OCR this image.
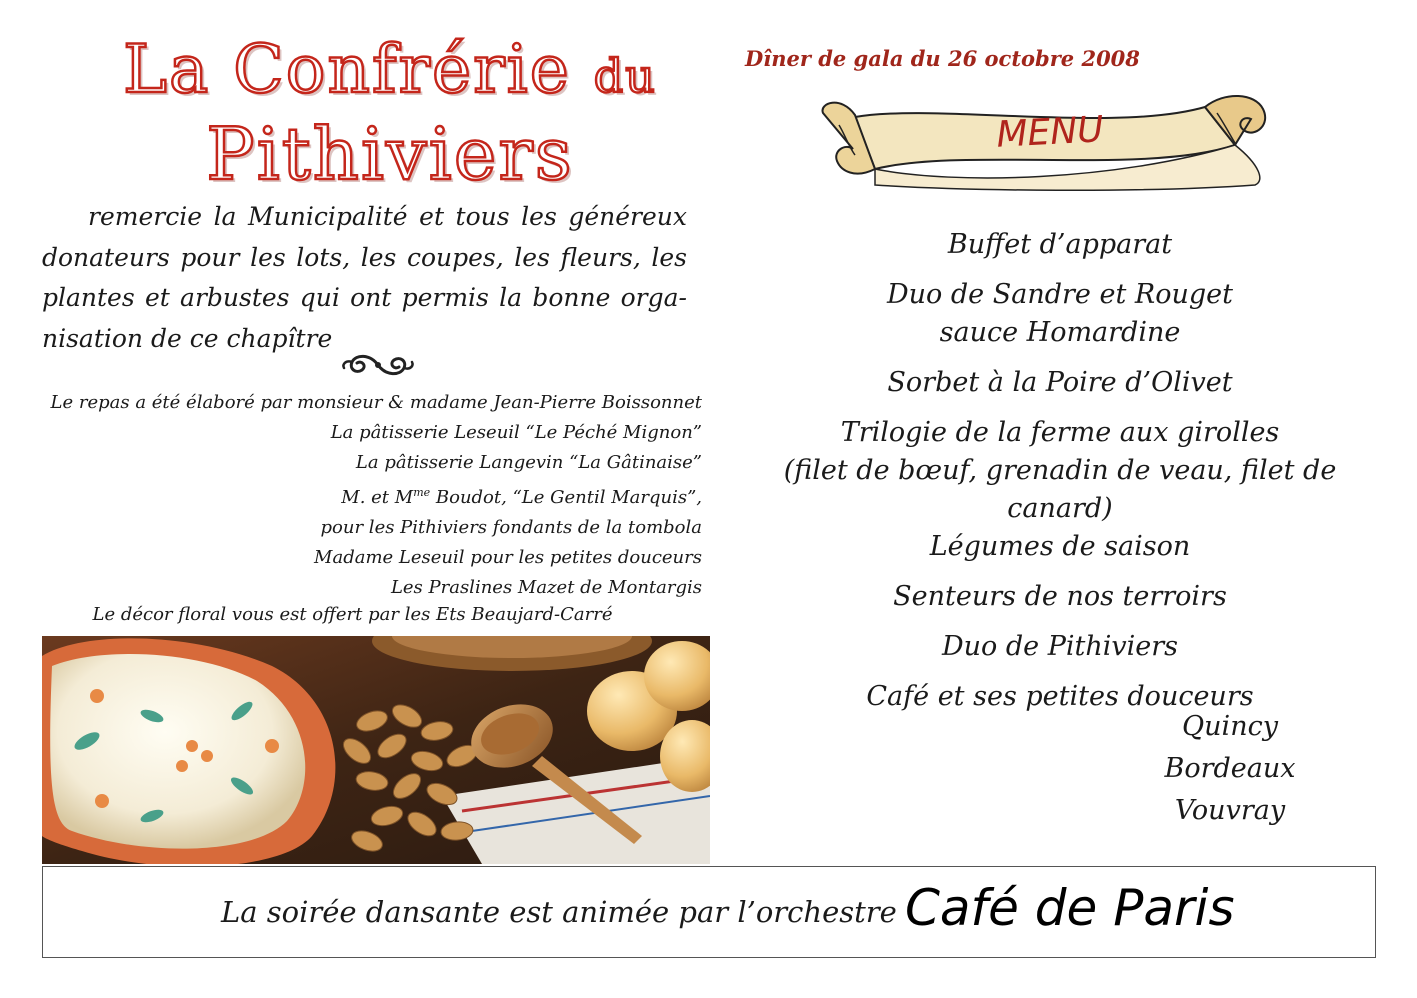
La Confrérie du
Pithiviers

remercie la Municipalité et tous les généreux donateurs pour les lots, les coupes, les fleurs, les plantes et arbustes qui ont permis la bonne orga-nisation de ce chapître

Le repas a été élaboré par monsieur & madame Jean-Pierre Boissonnet
La pâtisserie Leseuil “Le Péché Mignon”
La pâtisserie Langevin “La Gâtinaise”
M. et $M^{me}$ Boudot, “Le Gentil Marquis”,
pour les Pithiviers fondants de la tombola
Madame Leseuil pour les petites douceurs
Les Praslines Mazet de Montargis
Le décor floral vous est offert par les Ets Beaujard-Carré
Dîner de gala du 26 octobre 2008
MENU
Buffet d’apparat
Duo de Sandre et Rouget
sauce Homardine
Sorbet à la Poire d’Olivet
Trilogie de la ferme aux girolles
(filet de bœuf, grenadin de veau, filet de canard)
Légumes de saison
Senteurs de nos terroirs
Duo de Pithiviers
Café et ses petites douceurs
Quincy
Bordeaux
Vouvray
La soirée dansante est animée par l’orchestre Café de Paris
